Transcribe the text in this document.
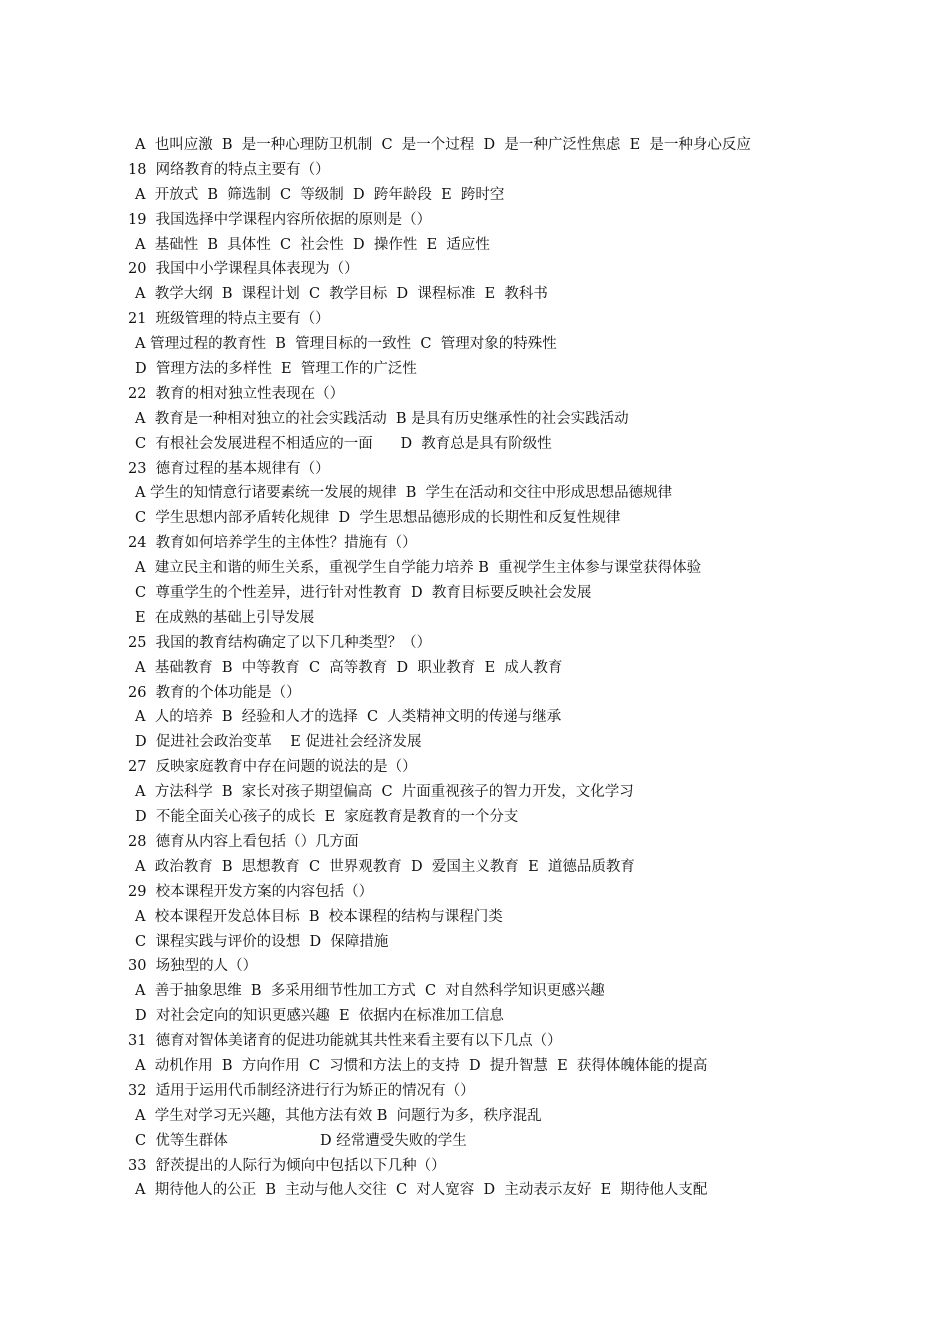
A  也叫应激  B  是一种心理防卫机制  C  是一个过程  D  是一种广泛性焦虑  E  是一种身心反应
18  网络教育的特点主要有（）
A  开放式  B  筛选制  C  等级制  D  跨年龄段  E  跨时空
19  我国选择中学课程内容所依据的原则是（）
A  基础性  B  具体性  C  社会性  D  操作性  E  适应性
20  我国中小学课程具体表现为（）
A  教学大纲  B  课程计划  C  教学目标  D  课程标准  E  教科书
21  班级管理的特点主要有（）
A 管理过程的教育性  B  管理目标的一致性  C  管理对象的特殊性
D  管理方法的多样性  E  管理工作的广泛性
22  教育的相对独立性表现在（）
A  教育是一种相对独立的社会实践活动  B 是具有历史继承性的社会实践活动
C  有根社会发展进程不相适应的一面      D  教育总是具有阶级性
23  德育过程的基本规律有（）
A 学生的知情意行诸要素统一发展的规律  B  学生在活动和交往中形成思想品德规律
C  学生思想内部矛盾转化规律  D  学生思想品德形成的长期性和反复性规律
24  教育如何培养学生的主体性？措施有（）
A  建立民主和谐的师生关系，重视学生自学能力培养 B  重视学生主体参与课堂获得体验
C  尊重学生的个性差异，进行针对性教育  D  教育目标要反映社会发展
E  在成熟的基础上引导发展
25  我国的教育结构确定了以下几种类型？（）
A  基础教育  B  中等教育  C  高等教育  D  职业教育  E  成人教育
26  教育的个体功能是（）
A  人的培养  B  经验和人才的选择  C  人类精神文明的传递与继承
D  促进社会政治变革    E 促进社会经济发展
27  反映家庭教育中存在问题的说法的是（）
A  方法科学  B  家长对孩子期望偏高  C  片面重视孩子的智力开发，文化学习
D  不能全面关心孩子的成长  E  家庭教育是教育的一个分支
28  德育从内容上看包括（）几方面
A  政治教育  B  思想教育  C  世界观教育  D  爱国主义教育  E  道德品质教育
29  校本课程开发方案的内容包括（）
A  校本课程开发总体目标  B  校本课程的结构与课程门类
C  课程实践与评价的设想  D  保障措施
30  场独型的人（）
A  善于抽象思维  B  多采用细节性加工方式  C  对自然科学知识更感兴趣
D  对社会定向的知识更感兴趣  E  依据内在标准加工信息
31  德育对智体美诸育的促进功能就其共性来看主要有以下几点（）
A  动机作用  B  方向作用  C  习惯和方法上的支持  D  提升智慧  E  获得体魄体能的提高
32  适用于运用代币制经济进行行为矫正的情况有（）
A  学生对学习无兴趣，其他方法有效 B  问题行为多，秩序混乱
C  优等生群体                    D 经常遭受失败的学生
33  舒茨提出的人际行为倾向中包括以下几种（）
A  期待他人的公正  B  主动与他人交往  C  对人宽容  D  主动表示友好  E  期待他人支配
